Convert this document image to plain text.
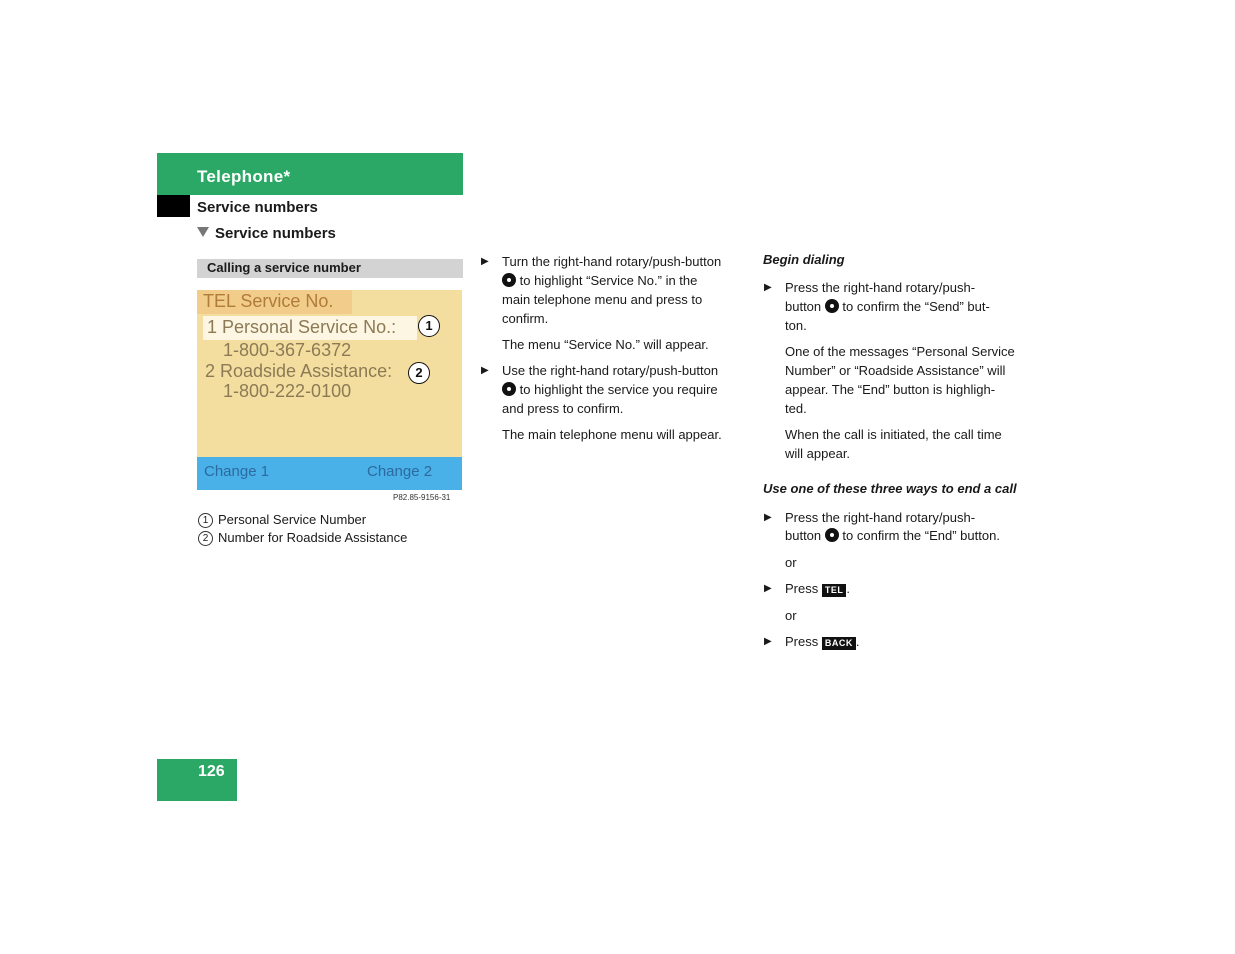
Telephone*
Service numbers
Service numbers
Calling a service number
TEL Service No.
1 Personal Service No.:
1-800-367-6372
2 Roadside Assistance:
1-800-222-0100
Change 1	Change 2
1
2
P82.85-9156-31
1 Personal Service Number
2 Number for Roadside Assistance
▶ Turn the right-hand rotary/push-button
to highlight “Service No.” in the
main telephone menu and press to
confirm.
The menu “Service No.” will appear.
▶ Use the right-hand rotary/push-button
to highlight the service you require
and press to confirm.
The main telephone menu will appear.
Begin dialing
▶ Press the right-hand rotary/push-
button to confirm the “Send” but-
ton.
One of the messages “Personal Service
Number” or “Roadside Assistance” will
appear. The “End” button is highligh-
ted.
When the call is initiated, the call time
will appear.
Use one of these three ways to end a call
▶ Press the right-hand rotary/push-
button to confirm the “End” button.
or
▶ Press TEL .
or
▶ Press BACK .
126
